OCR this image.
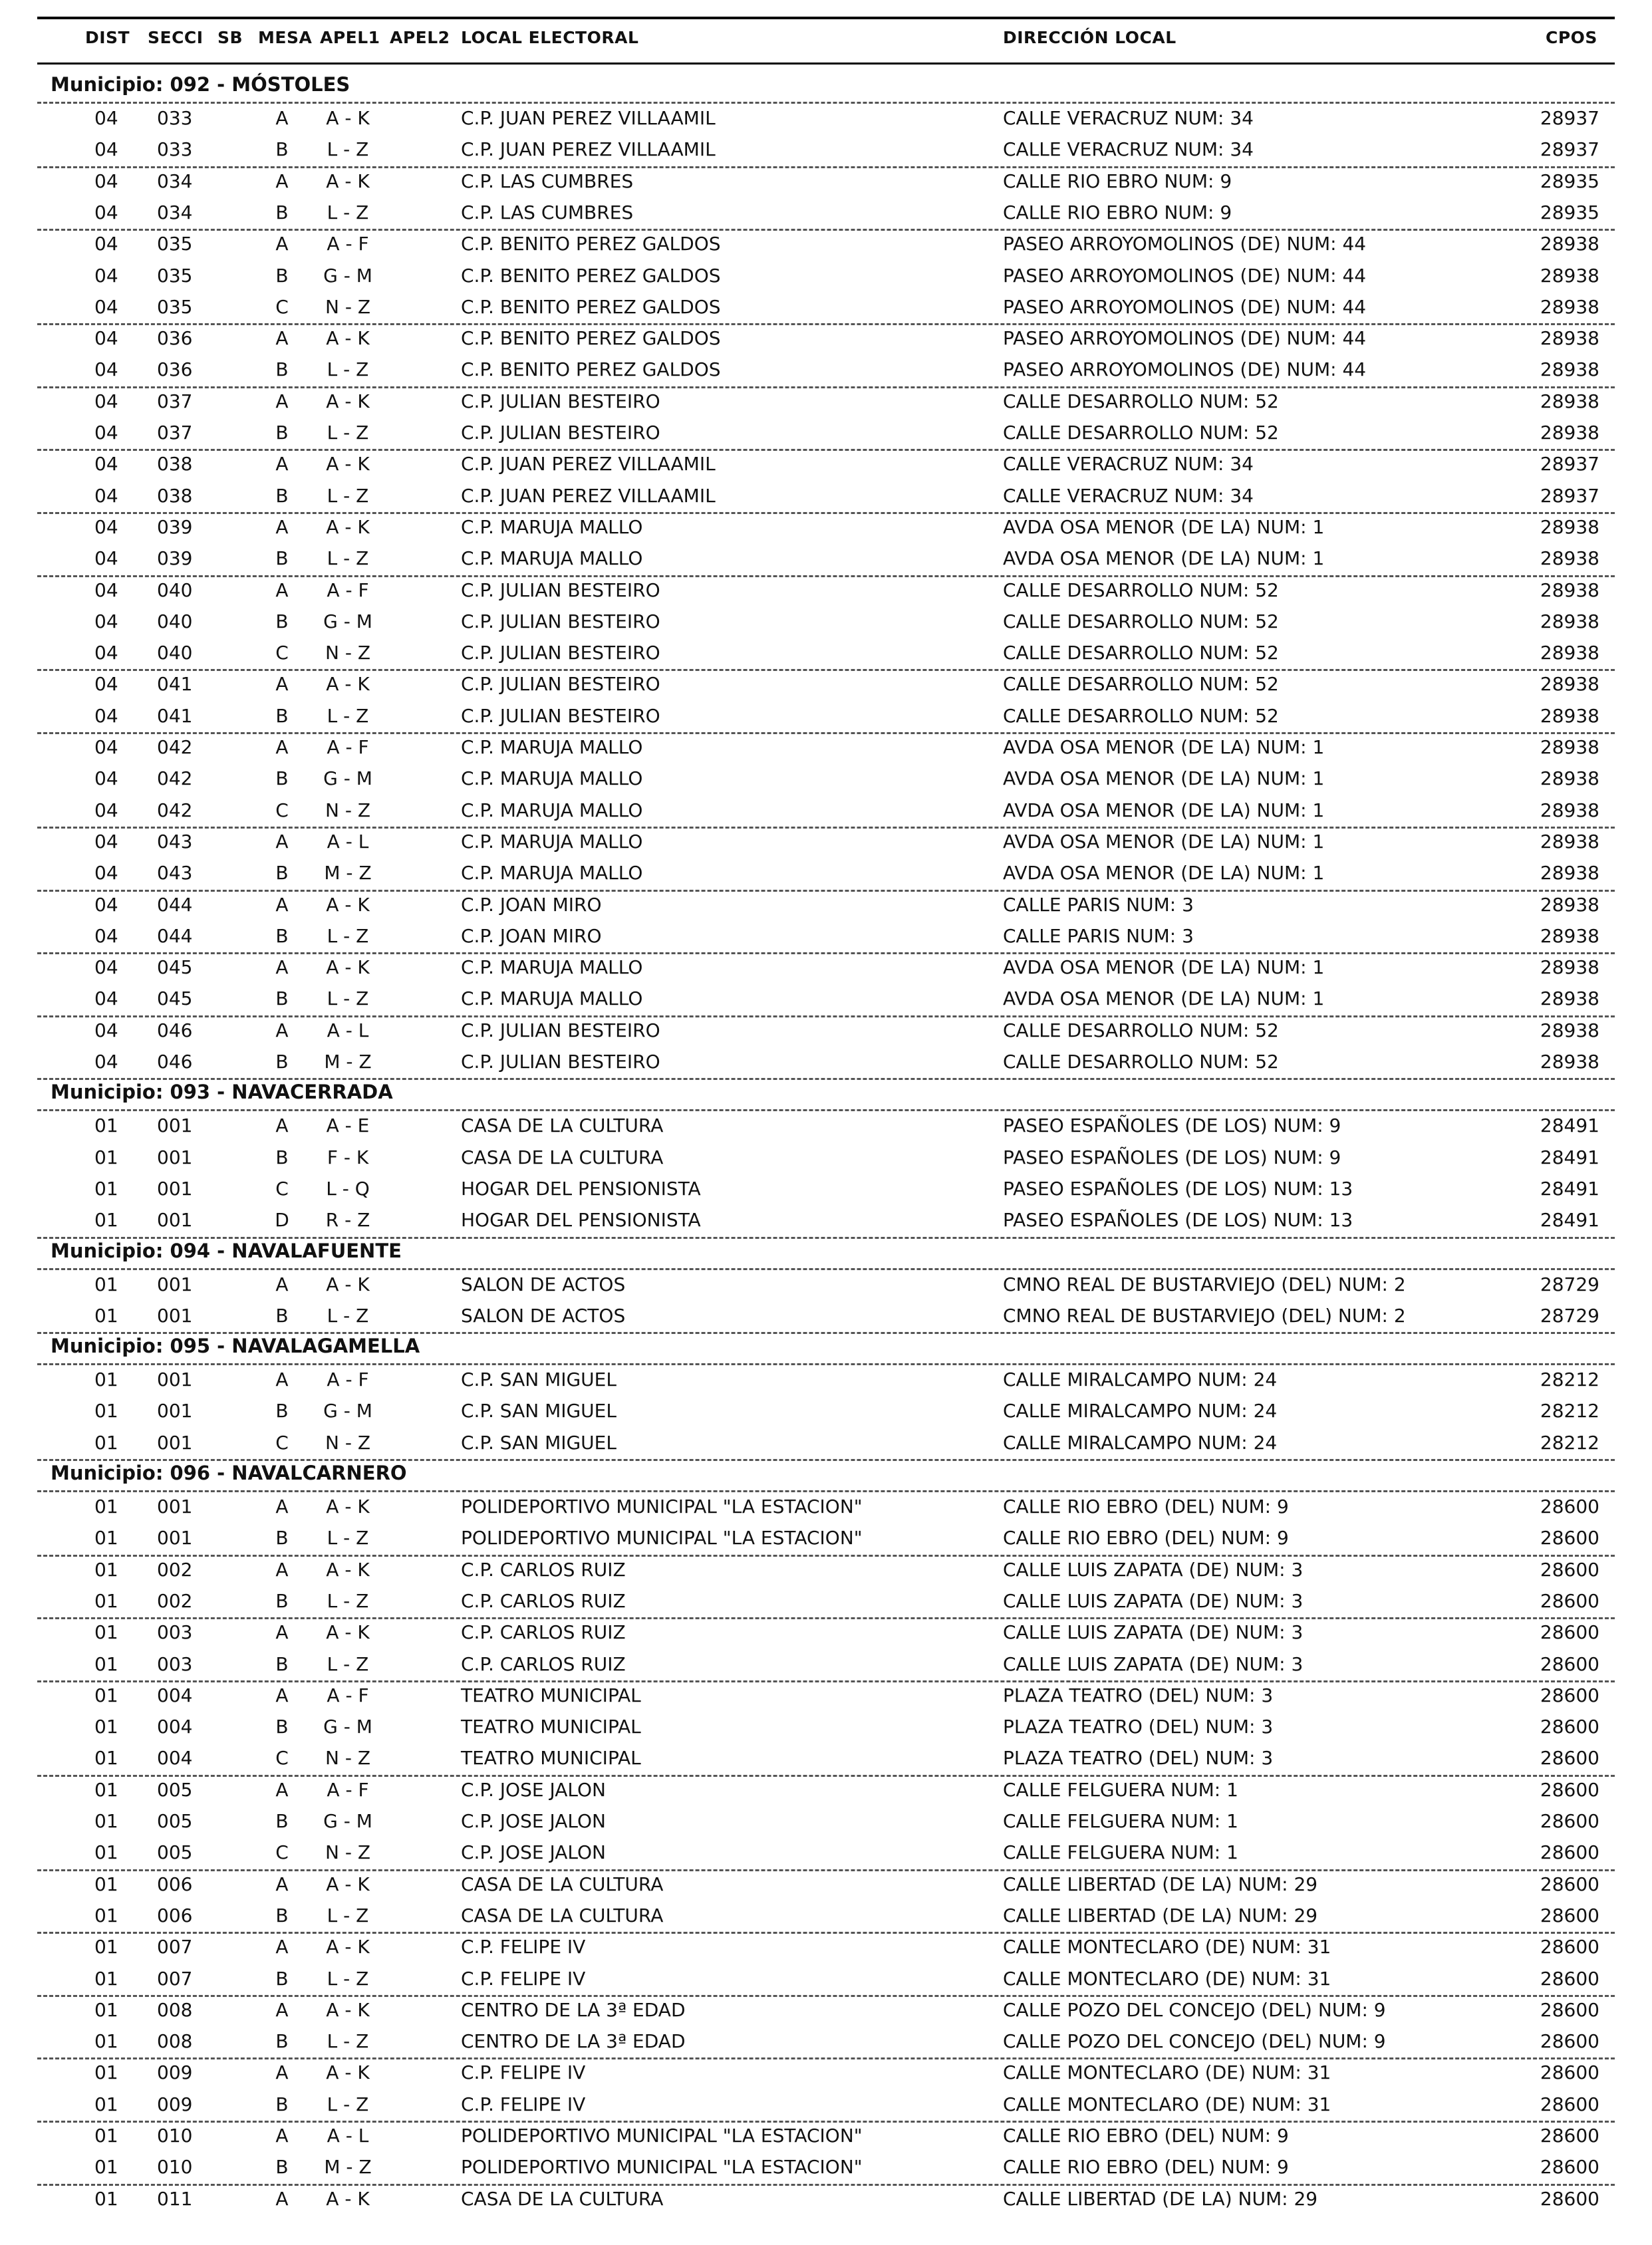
DIST SECCI SB MESA APEL1 APEL2 LOCAL ELECTORAL	DIRECCIÓN LOCAL	CPOS
Municipio: 092 - MÓSTOLES
04 033	A	A - K	C.P. JUAN PEREZ VILLAAMIL	CALLE VERACRUZ NUM: 34	28937
04 033	B	L - Z	C.P. JUAN PEREZ VILLAAMIL	CALLE VERACRUZ NUM: 34	28937
04 034	A	A - K	C.P. LAS CUMBRES	CALLE RIO EBRO NUM: 9	28935
04 034	B	L - Z	C.P. LAS CUMBRES	CALLE RIO EBRO NUM: 9	28935
04 035	A	A - F	C.P. BENITO PEREZ GALDOS	PASEO ARROYOMOLINOS (DE) NUM: 44	28938
04 035	B	G - M	C.P. BENITO PEREZ GALDOS	PASEO ARROYOMOLINOS (DE) NUM: 44	28938
04 035	C	N - Z	C.P. BENITO PEREZ GALDOS	PASEO ARROYOMOLINOS (DE) NUM: 44	28938
04 036	A	A - K	C.P. BENITO PEREZ GALDOS	PASEO ARROYOMOLINOS (DE) NUM: 44	28938
04 036	B	L - Z	C.P. BENITO PEREZ GALDOS	PASEO ARROYOMOLINOS (DE) NUM: 44	28938
04 037	A	A - K	C.P. JULIAN BESTEIRO	CALLE DESARROLLO NUM: 52	28938
04 037	B	L - Z	C.P. JULIAN BESTEIRO	CALLE DESARROLLO NUM: 52	28938
04 038	A	A - K	C.P. JUAN PEREZ VILLAAMIL	CALLE VERACRUZ NUM: 34	28937
04 038	B	L - Z	C.P. JUAN PEREZ VILLAAMIL	CALLE VERACRUZ NUM: 34	28937
04 039	A	A - K	C.P. MARUJA MALLO	AVDA OSA MENOR (DE LA) NUM: 1	28938
04 039	B	L - Z	C.P. MARUJA MALLO	AVDA OSA MENOR (DE LA) NUM: 1	28938
04 040	A	A - F	C.P. JULIAN BESTEIRO	CALLE DESARROLLO NUM: 52	28938
04 040	B	G - M	C.P. JULIAN BESTEIRO	CALLE DESARROLLO NUM: 52	28938
04 040	C	N - Z	C.P. JULIAN BESTEIRO	CALLE DESARROLLO NUM: 52	28938
04 041	A	A - K	C.P. JULIAN BESTEIRO	CALLE DESARROLLO NUM: 52	28938
04 041	B	L - Z	C.P. JULIAN BESTEIRO	CALLE DESARROLLO NUM: 52	28938
04 042	A	A - F	C.P. MARUJA MALLO	AVDA OSA MENOR (DE LA) NUM: 1	28938
04 042	B	G - M	C.P. MARUJA MALLO	AVDA OSA MENOR (DE LA) NUM: 1	28938
04 042	C	N - Z	C.P. MARUJA MALLO	AVDA OSA MENOR (DE LA) NUM: 1	28938
04 043	A	A - L	C.P. MARUJA MALLO	AVDA OSA MENOR (DE LA) NUM: 1	28938
04 043	B	M - Z	C.P. MARUJA MALLO	AVDA OSA MENOR (DE LA) NUM: 1	28938
04 044	A	A - K	C.P. JOAN MIRO	CALLE PARIS NUM: 3	28938
04 044	B	L - Z	C.P. JOAN MIRO	CALLE PARIS NUM: 3	28938
04 045	A	A - K	C.P. MARUJA MALLO	AVDA OSA MENOR (DE LA) NUM: 1	28938
04 045	B	L - Z	C.P. MARUJA MALLO	AVDA OSA MENOR (DE LA) NUM: 1	28938
04 046	A	A - L	C.P. JULIAN BESTEIRO	CALLE DESARROLLO NUM: 52	28938
04 046	B	M - Z	C.P. JULIAN BESTEIRO	CALLE DESARROLLO NUM: 52	28938
Municipio: 093 - NAVACERRADA
01 001	A	A - E	CASA DE LA CULTURA	PASEO ESPAÑOLES (DE LOS) NUM: 9	28491
01 001	B	F - K	CASA DE LA CULTURA	PASEO ESPAÑOLES (DE LOS) NUM: 9	28491
01 001	C	L - Q	HOGAR DEL PENSIONISTA	PASEO ESPAÑOLES (DE LOS) NUM: 13	28491
01 001	D	R - Z	HOGAR DEL PENSIONISTA	PASEO ESPAÑOLES (DE LOS) NUM: 13	28491
Municipio: 094 - NAVALAFUENTE
01 001	A	A - K	SALON DE ACTOS	CMNO REAL DE BUSTARVIEJO (DEL) NUM: 2	28729
01 001	B	L - Z	SALON DE ACTOS	CMNO REAL DE BUSTARVIEJO (DEL) NUM: 2	28729
Municipio: 095 - NAVALAGAMELLA
01 001	A	A - F	C.P. SAN MIGUEL	CALLE MIRALCAMPO NUM: 24	28212
01 001	B	G - M	C.P. SAN MIGUEL	CALLE MIRALCAMPO NUM: 24	28212
01 001	C	N - Z	C.P. SAN MIGUEL	CALLE MIRALCAMPO NUM: 24	28212
Municipio: 096 - NAVALCARNERO
01 001	A	A - K	POLIDEPORTIVO MUNICIPAL "LA ESTACION"	CALLE RIO EBRO (DEL) NUM: 9	28600
01 001	B	L - Z	POLIDEPORTIVO MUNICIPAL "LA ESTACION"	CALLE RIO EBRO (DEL) NUM: 9	28600
01 002	A	A - K	C.P. CARLOS RUIZ	CALLE LUIS ZAPATA (DE) NUM: 3	28600
01 002	B	L - Z	C.P. CARLOS RUIZ	CALLE LUIS ZAPATA (DE) NUM: 3	28600
01 003	A	A - K	C.P. CARLOS RUIZ	CALLE LUIS ZAPATA (DE) NUM: 3	28600
01 003	B	L - Z	C.P. CARLOS RUIZ	CALLE LUIS ZAPATA (DE) NUM: 3	28600
01 004	A	A - F	TEATRO MUNICIPAL	PLAZA TEATRO (DEL) NUM: 3	28600
01 004	B	G - M	TEATRO MUNICIPAL	PLAZA TEATRO (DEL) NUM: 3	28600
01 004	C	N - Z	TEATRO MUNICIPAL	PLAZA TEATRO (DEL) NUM: 3	28600
01 005	A	A - F	C.P. JOSE JALON	CALLE FELGUERA NUM: 1	28600
01 005	B	G - M	C.P. JOSE JALON	CALLE FELGUERA NUM: 1	28600
01 005	C	N - Z	C.P. JOSE JALON	CALLE FELGUERA NUM: 1	28600
01 006	A	A - K	CASA DE LA CULTURA	CALLE LIBERTAD (DE LA) NUM: 29	28600
01 006	B	L - Z	CASA DE LA CULTURA	CALLE LIBERTAD (DE LA) NUM: 29	28600
01 007	A	A - K	C.P. FELIPE IV	CALLE MONTECLARO (DE) NUM: 31	28600
01 007	B	L - Z	C.P. FELIPE IV	CALLE MONTECLARO (DE) NUM: 31	28600
01 008	A	A - K	CENTRO DE LA 3ª EDAD	CALLE POZO DEL CONCEJO (DEL) NUM: 9	28600
01 008	B	L - Z	CENTRO DE LA 3ª EDAD	CALLE POZO DEL CONCEJO (DEL) NUM: 9	28600
01 009	A	A - K	C.P. FELIPE IV	CALLE MONTECLARO (DE) NUM: 31	28600
01 009	B	L - Z	C.P. FELIPE IV	CALLE MONTECLARO (DE) NUM: 31	28600
01 010	A	A - L	POLIDEPORTIVO MUNICIPAL "LA ESTACION"	CALLE RIO EBRO (DEL) NUM: 9	28600
01 010	B	M - Z	POLIDEPORTIVO MUNICIPAL "LA ESTACION"	CALLE RIO EBRO (DEL) NUM: 9	28600
01 011	A	A - K	CASA DE LA CULTURA	CALLE LIBERTAD (DE LA) NUM: 29	28600
